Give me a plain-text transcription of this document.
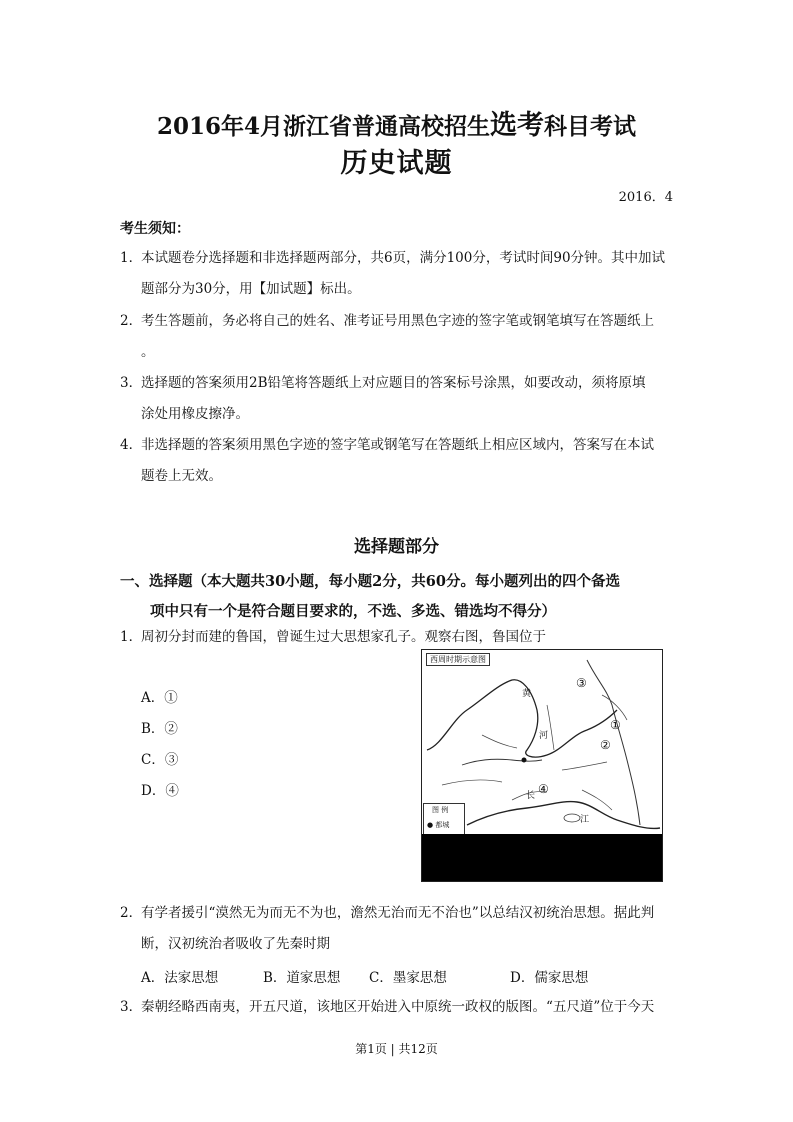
2016年4月浙江省普通高校招生选考科目考试
历史试题
2016．4
考生须知：
1．
本试题卷分选择题和非选择题两部分，共6页，满分100分，考试时间90分钟。其中加试
题部分为30分，用【加试题】标出。
2．
考生答题前，务必将自己的姓名、准考证号用黑色字迹的签字笔或钢笔填写在答题纸上
。
3．
选择题的答案须用2B铅笔将答题纸上对应题目的答案标号涂黑，如要改动，须将原填
涂处用橡皮擦净。
4．
非选择题的答案须用黑色字迹的签字笔或钢笔写在答题纸上相应区域内，答案写在本试
题卷上无效。
选择题部分
一、选择题（本大题共30小题，每小题2分，共60分。每小题列出的四个备选
项中只有一个是符合题目要求的，不选、多选、错选均不得分）
1．
周初分封而建的鲁国，曾诞生过大思想家孔子。观察右图，鲁国位于
A．①
B．②
C．③
D．④
西周时期示意图
黄
河
长
江
③
①
②
④
图 例
● 都城
2．
有学者援引“漠然无为而无不为也，澹然无治而无不治也”以总结汉初统治思想。据此判
断，汉初统治者吸收了先秦时期
A．法家思想	B．道家思想 C．墨家思想	D．儒家思想
3．
秦朝经略西南夷，开五尺道，该地区开始进入中原统一政权的版图。“五尺道”位于今天
第1页 | 共12页
